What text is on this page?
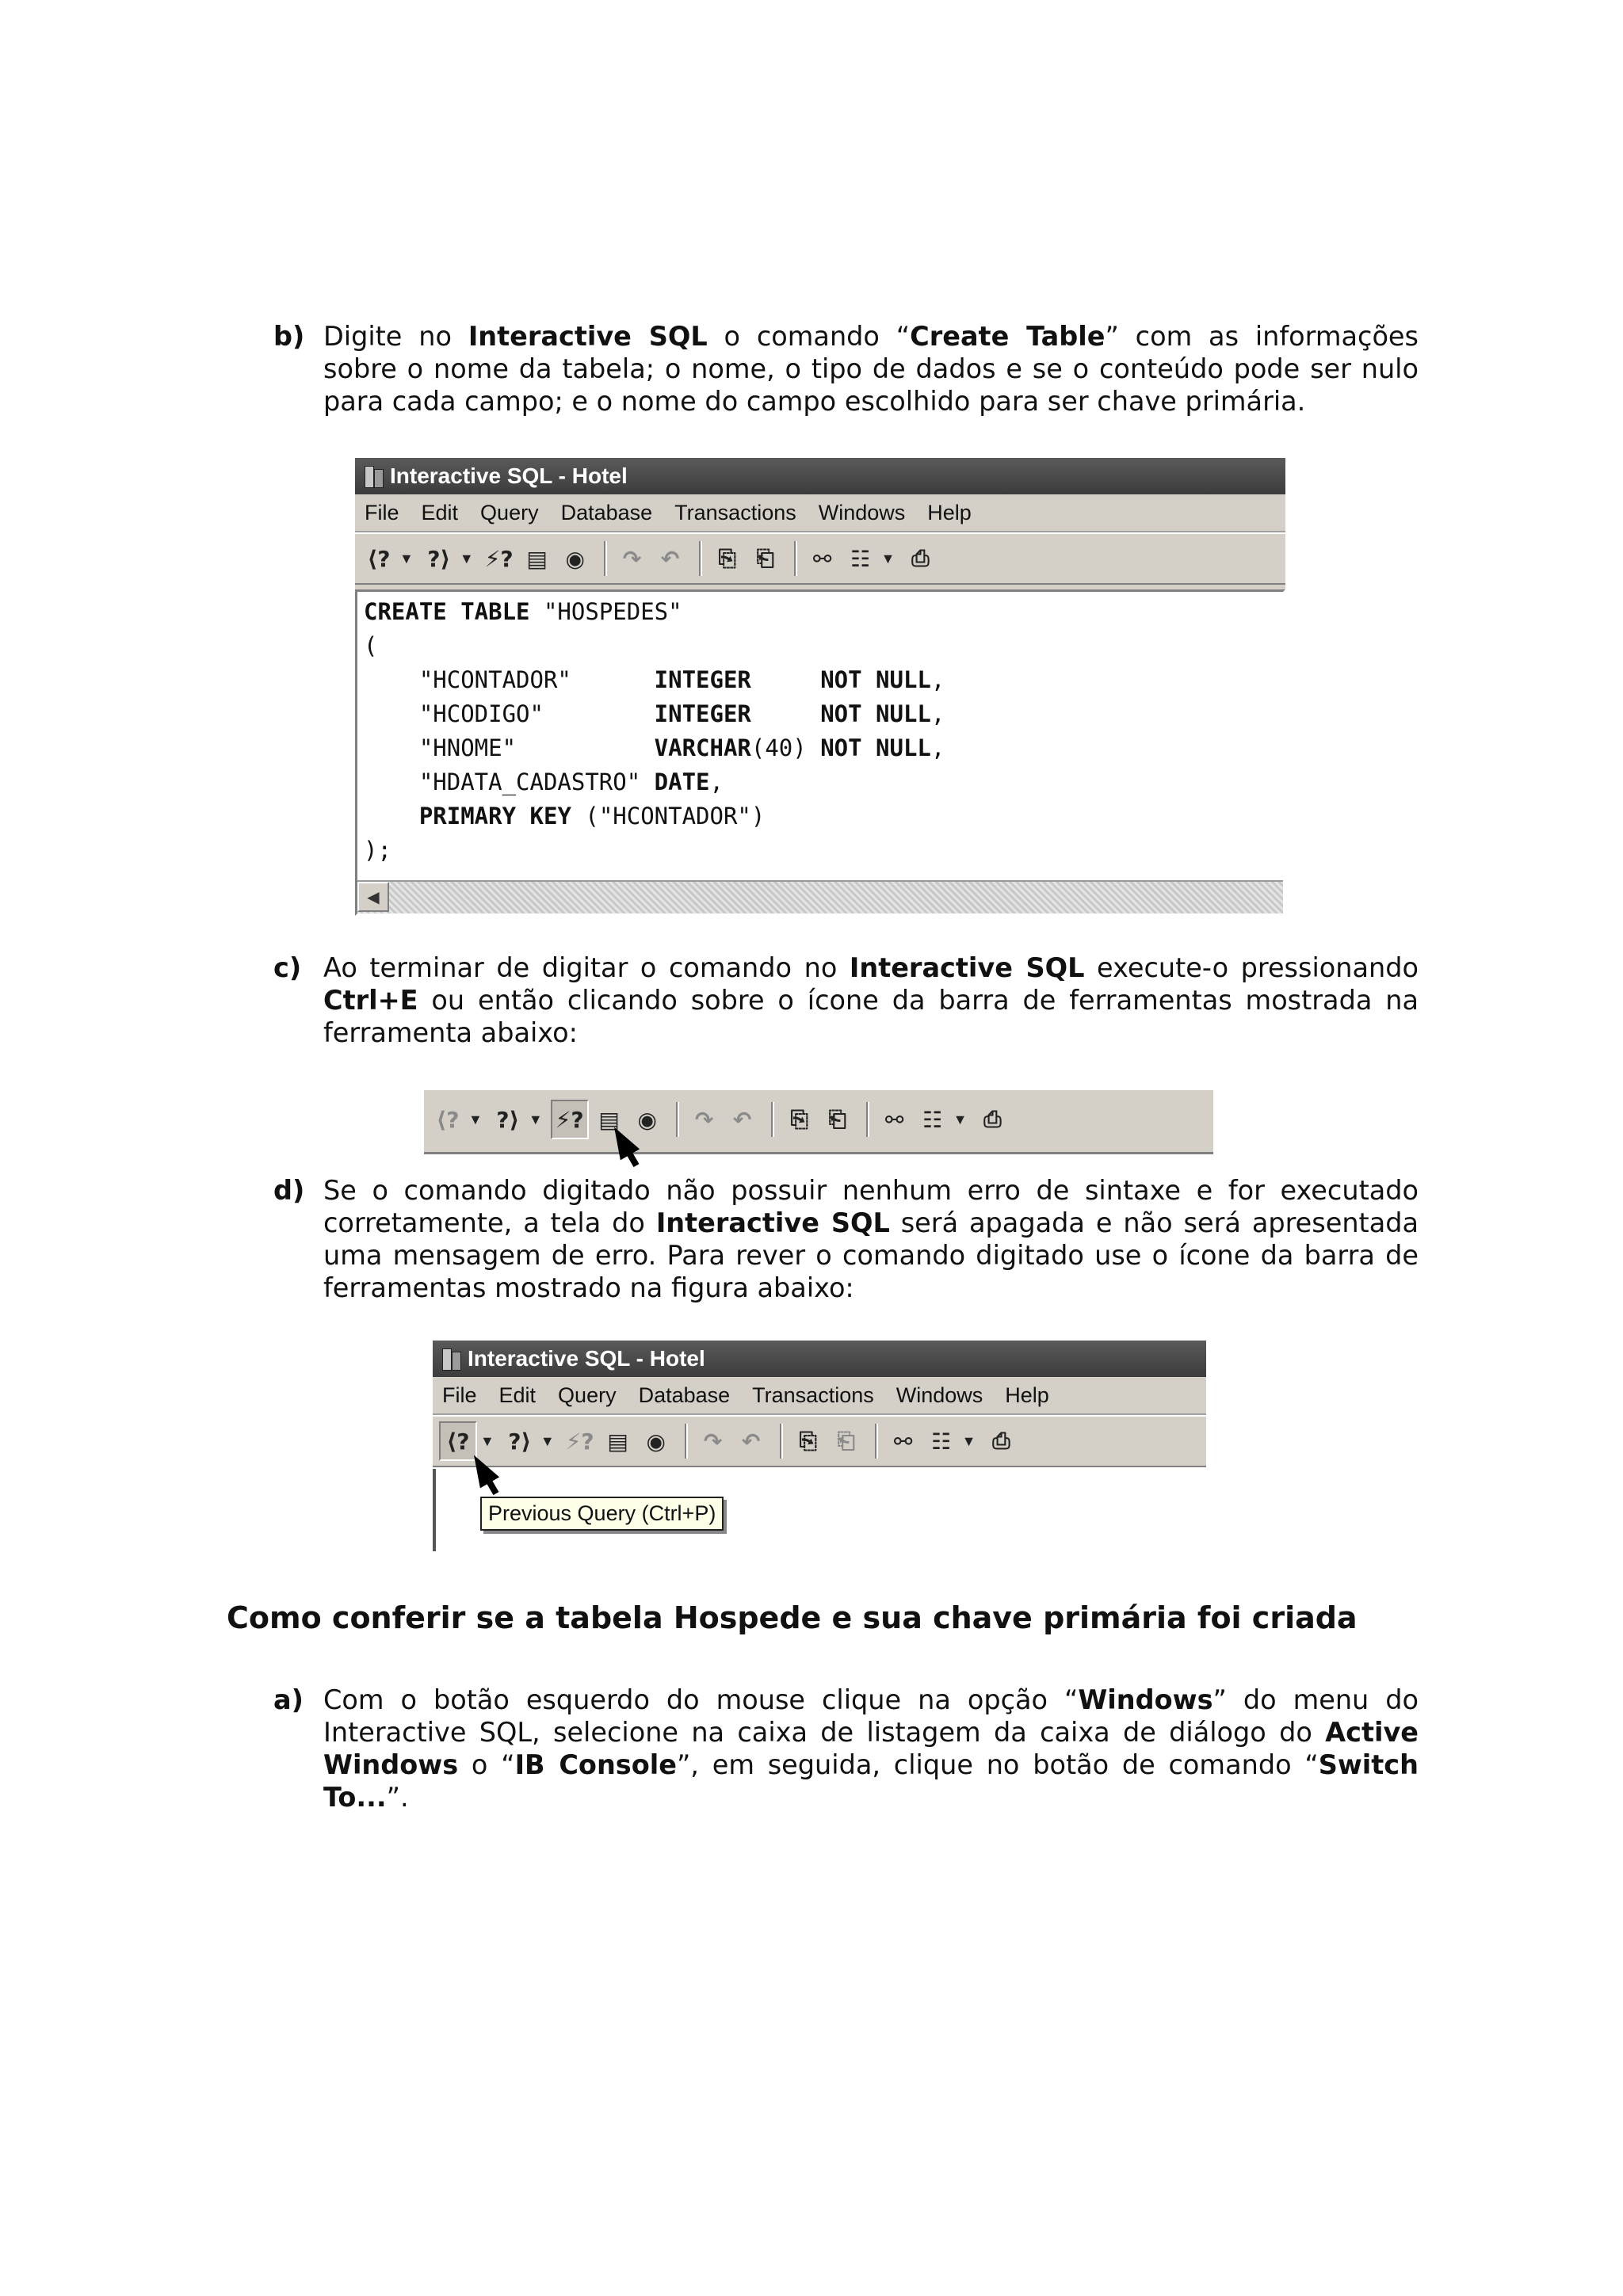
b) Digite no Interactive SQL o comando “Create Table” com as informações sobre o nome da tabela; o nome, o tipo de dados e se o conteúdo pode ser nulo para cada campo; e o nome do campo escolhido para ser chave primária.
Interactive SQL - Hotel
File Edit Query Database Transactions Windows Help
⟨? ▼ ?⟩ ▼ ⚡? ▤ ◉	↷ ↶	⎘ ⎗	⚯ ☷ ▼ ⎙
CREATE TABLE "HOSPEDES"
(
"HCONTADOR"      INTEGER	NOT NULL,
"HCODIGO"        INTEGER	NOT NULL,
"HNOME"          VARCHAR(40) NOT NULL,
"HDATA_CADASTRO" DATE,
PRIMARY KEY ("HCONTADOR")
);
◀
c) Ao terminar de digitar o comando no Interactive SQL execute-o pressionando Ctrl+E ou então clicando sobre o ícone da barra de ferramentas mostrada na ferramenta abaixo:
⟨? ▼ ?⟩ ▼ ⚡? ▤ ◉	↷ ↶	⎘ ⎗	⚯ ☷ ▼ ⎙
d) Se o comando digitado não possuir nenhum erro de sintaxe e for executado corretamente, a tela do Interactive SQL será apagada e não será apresentada uma mensagem de erro. Para rever o comando digitado use o ícone da barra de ferramentas mostrado na figura abaixo:
Interactive SQL - Hotel
File Edit Query Database Transactions Windows Help
⟨? ▼ ?⟩ ▼ ⚡? ▤ ◉	↷ ↶	⎘ ⎗	⚯ ☷ ▼ ⎙
Previous Query (Ctrl+P)
Como conferir se a tabela Hospede e sua chave primária foi criada
a) Com o botão esquerdo do mouse clique na opção “Windows” do menu do Interactive SQL, selecione na caixa de listagem da caixa de diálogo do Active Windows o “IB Console”, em seguida, clique no botão de comando “Switch To...”.
